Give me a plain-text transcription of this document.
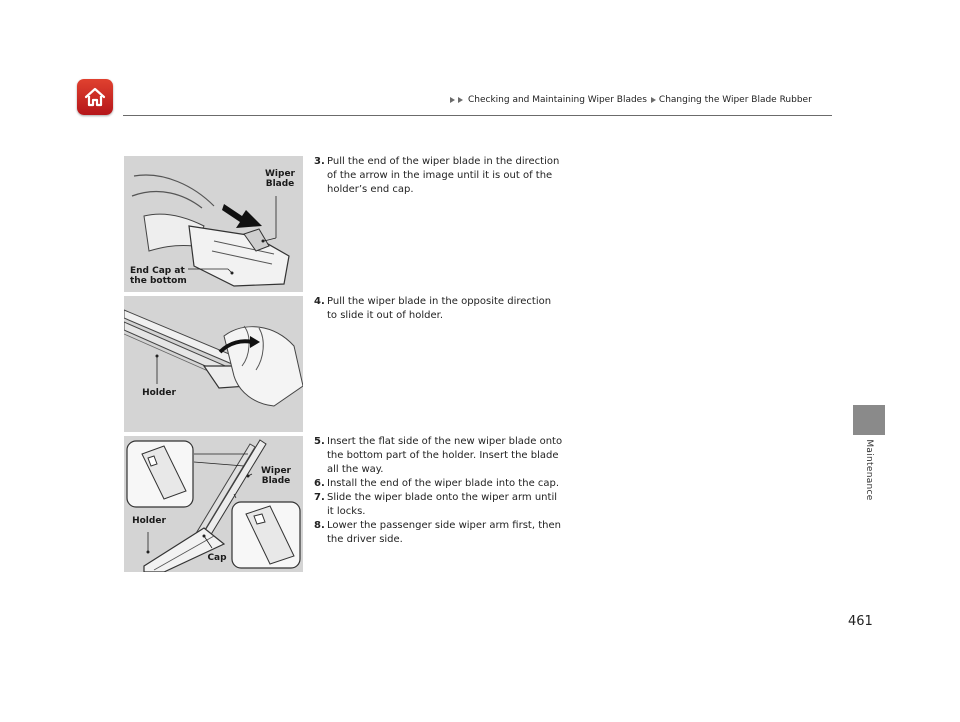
Checking and Maintaining Wiper Blades Changing the Wiper Blade Rubber
Maintenance
Wiper
Blade
End Cap at
the bottom
Holder
Wiper
Blade
Holder
Cap

3. Pull the end of the wiper blade in the direction of the arrow in the image until it is out of the holder’s end cap.

4. Pull the wiper blade in the opposite direction to slide it out of holder.

5. Insert the flat side of the new wiper blade onto the bottom part of the holder. Insert the blade all the way.

6. Install the end of the wiper blade into the cap.

7. Slide the wiper blade onto the wiper arm until it locks.

8. Lower the passenger side wiper arm first, then the driver side.

461
